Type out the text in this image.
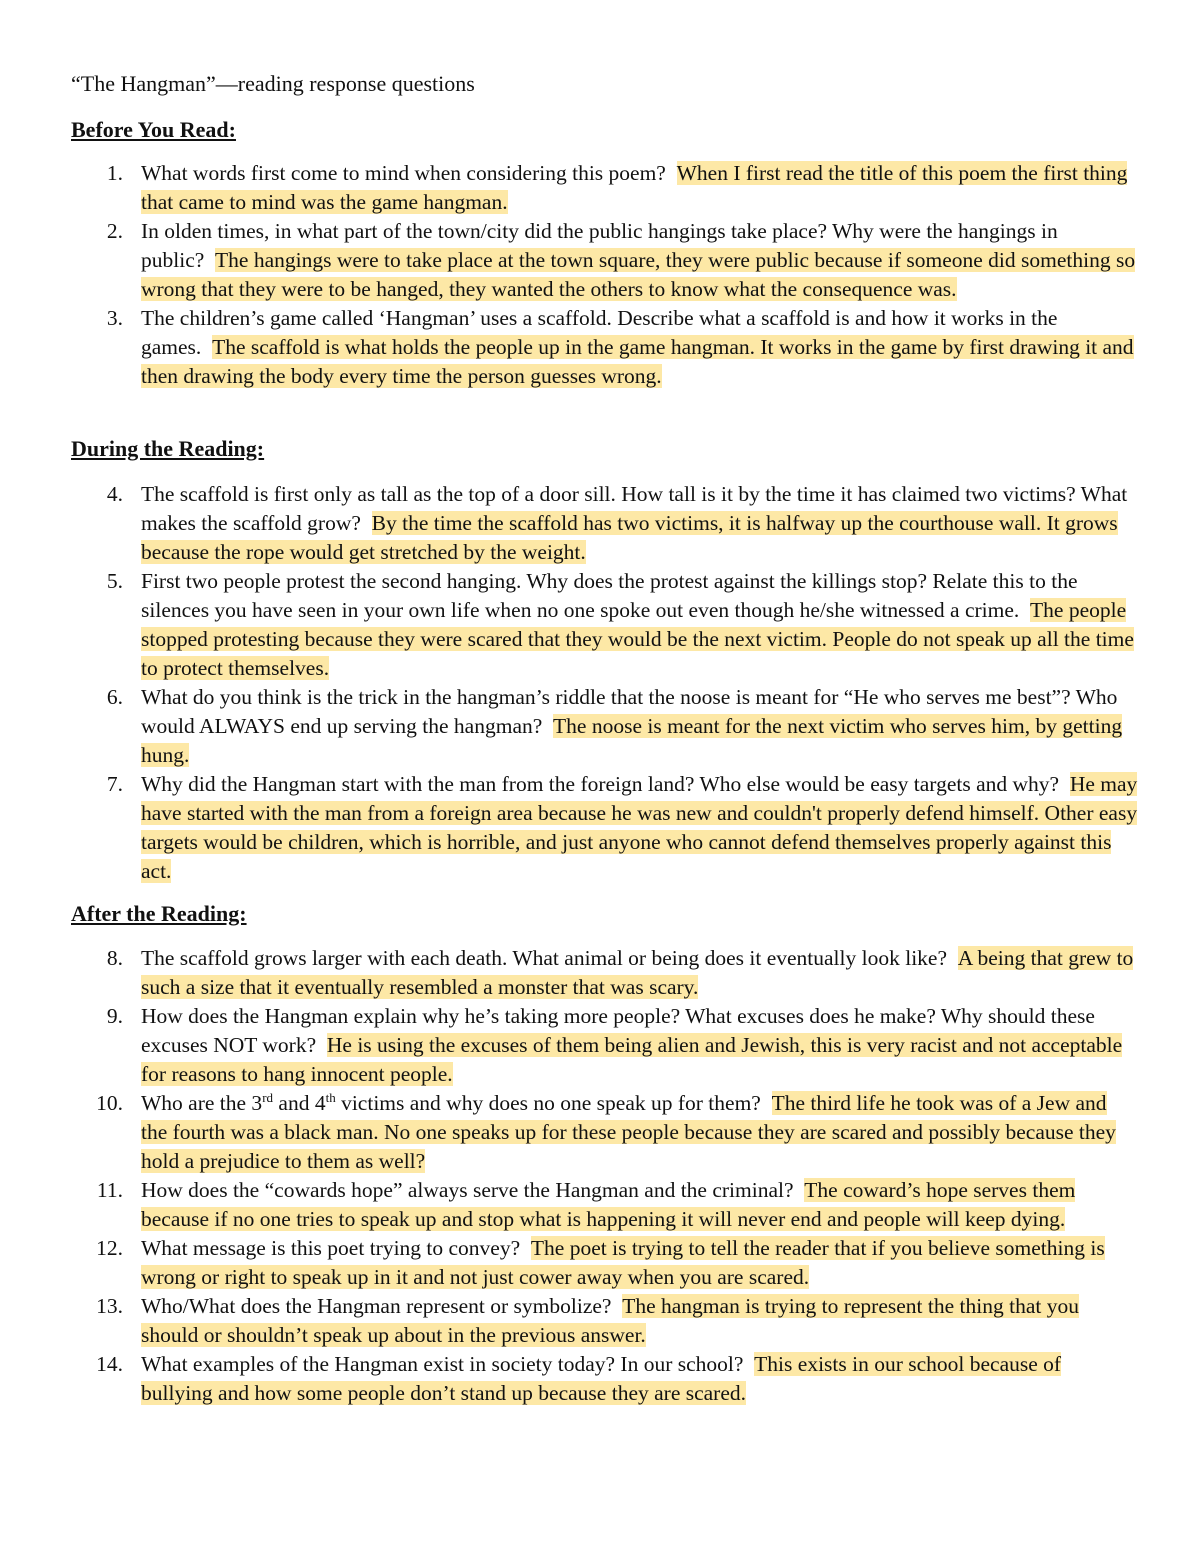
“The Hangman”—reading response questions
Before You Read:
1. What words first come to mind when considering this poem? When I first read the title of this poem the first thing that came to mind was the game hangman.
2. In olden times, in what part of the town/city did the public hangings take place? Why were the hangings in public? The hangings were to take place at the town square, they were public because if someone did something so wrong that they were to be hanged, they wanted the others to know what the consequence was.
3. The children’s game called ‘Hangman’ uses a scaffold. Describe what a scaffold is and how it works in the games. The scaffold is what holds the people up in the game hangman. It works in the game by first drawing it and then drawing the body every time the person guesses wrong.
During the Reading:
4. The scaffold is first only as tall as the top of a door sill. How tall is it by the time it has claimed two victims? What makes the scaffold grow? By the time the scaffold has two victims, it is halfway up the courthouse wall. It grows because the rope would get stretched by the weight.
5. First two people protest the second hanging. Why does the protest against the killings stop? Relate this to the silences you have seen in your own life when no one spoke out even though he/she witnessed a crime. The people stopped protesting because they were scared that they would be the next victim. People do not speak up all the time to protect themselves.
6. What do you think is the trick in the hangman’s riddle that the noose is meant for “He who serves me best”? Who would ALWAYS end up serving the hangman? The noose is meant for the next victim who serves him, by getting hung.
7. Why did the Hangman start with the man from the foreign land? Who else would be easy targets and why? He may have started with the man from a foreign area because he was new and couldn't properly defend himself. Other easy targets would be children, which is horrible, and just anyone who cannot defend themselves properly against this act.
After the Reading:
8. The scaffold grows larger with each death. What animal or being does it eventually look like? A being that grew to such a size that it eventually resembled a monster that was scary.
9. How does the Hangman explain why he’s taking more people? What excuses does he make? Why should these excuses NOT work? He is using the excuses of them being alien and Jewish, this is very racist and not acceptable for reasons to hang innocent people.
10. Who are the 3rd and 4th victims and why does no one speak up for them? The third life he took was of a Jew and the fourth was a black man. No one speaks up for these people because they are scared and possibly because they hold a prejudice to them as well?
11. How does the “cowards hope” always serve the Hangman and the criminal? The coward’s hope serves them because if no one tries to speak up and stop what is happening it will never end and people will keep dying.
12. What message is this poet trying to convey? The poet is trying to tell the reader that if you believe something is wrong or right to speak up in it and not just cower away when you are scared.
13. Who/What does the Hangman represent or symbolize? The hangman is trying to represent the thing that you should or shouldn’t speak up about in the previous answer.
14. What examples of the Hangman exist in society today? In our school? This exists in our school because of bullying and how some people don’t stand up because they are scared.
